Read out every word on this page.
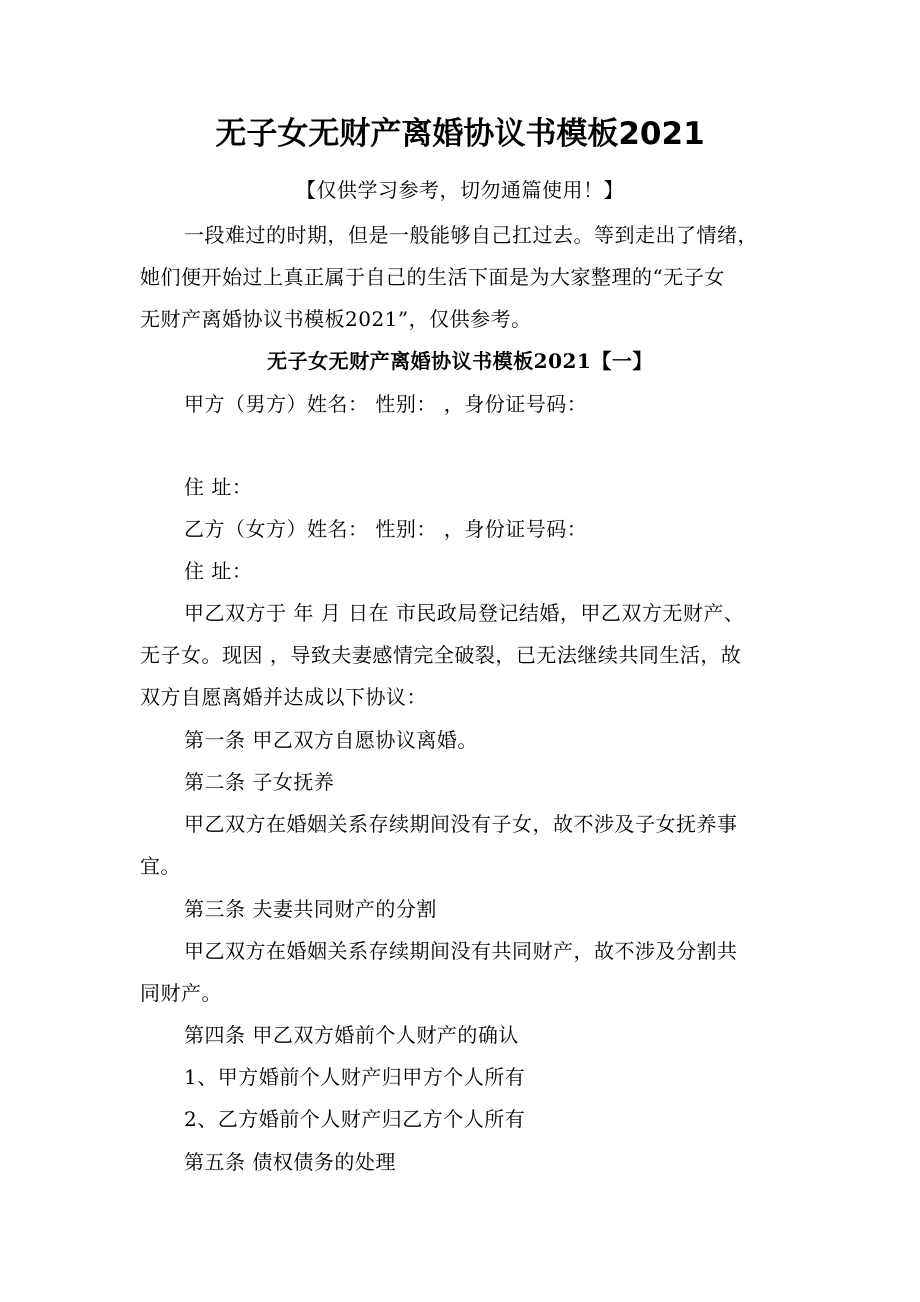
无子女无财产离婚协议书模板2021
【仅供学习参考，切勿通篇使用！】
一段难过的时期，但是一般能够自己扛过去。等到走出了情绪，
她们便开始过上真正属于自己的生活下面是为大家整理的“无子女
无财产离婚协议书模板2021”，仅供参考。
无子女无财产离婚协议书模板2021【一】
甲方（男方）姓名： 性别： ，身份证号码：
住 址：
乙方（女方）姓名： 性别： ，身份证号码：
住 址：
甲乙双方于 年 月 日在 市民政局登记结婚，甲乙双方无财产、
无子女。现因 ，导致夫妻感情完全破裂，已无法继续共同生活，故
双方自愿离婚并达成以下协议：
第一条 甲乙双方自愿协议离婚。
第二条 子女抚养
甲乙双方在婚姻关系存续期间没有子女，故不涉及子女抚养事
宜。
第三条 夫妻共同财产的分割
甲乙双方在婚姻关系存续期间没有共同财产，故不涉及分割共
同财产。
第四条 甲乙双方婚前个人财产的确认
1、甲方婚前个人财产归甲方个人所有
2、乙方婚前个人财产归乙方个人所有
第五条 债权债务的处理
